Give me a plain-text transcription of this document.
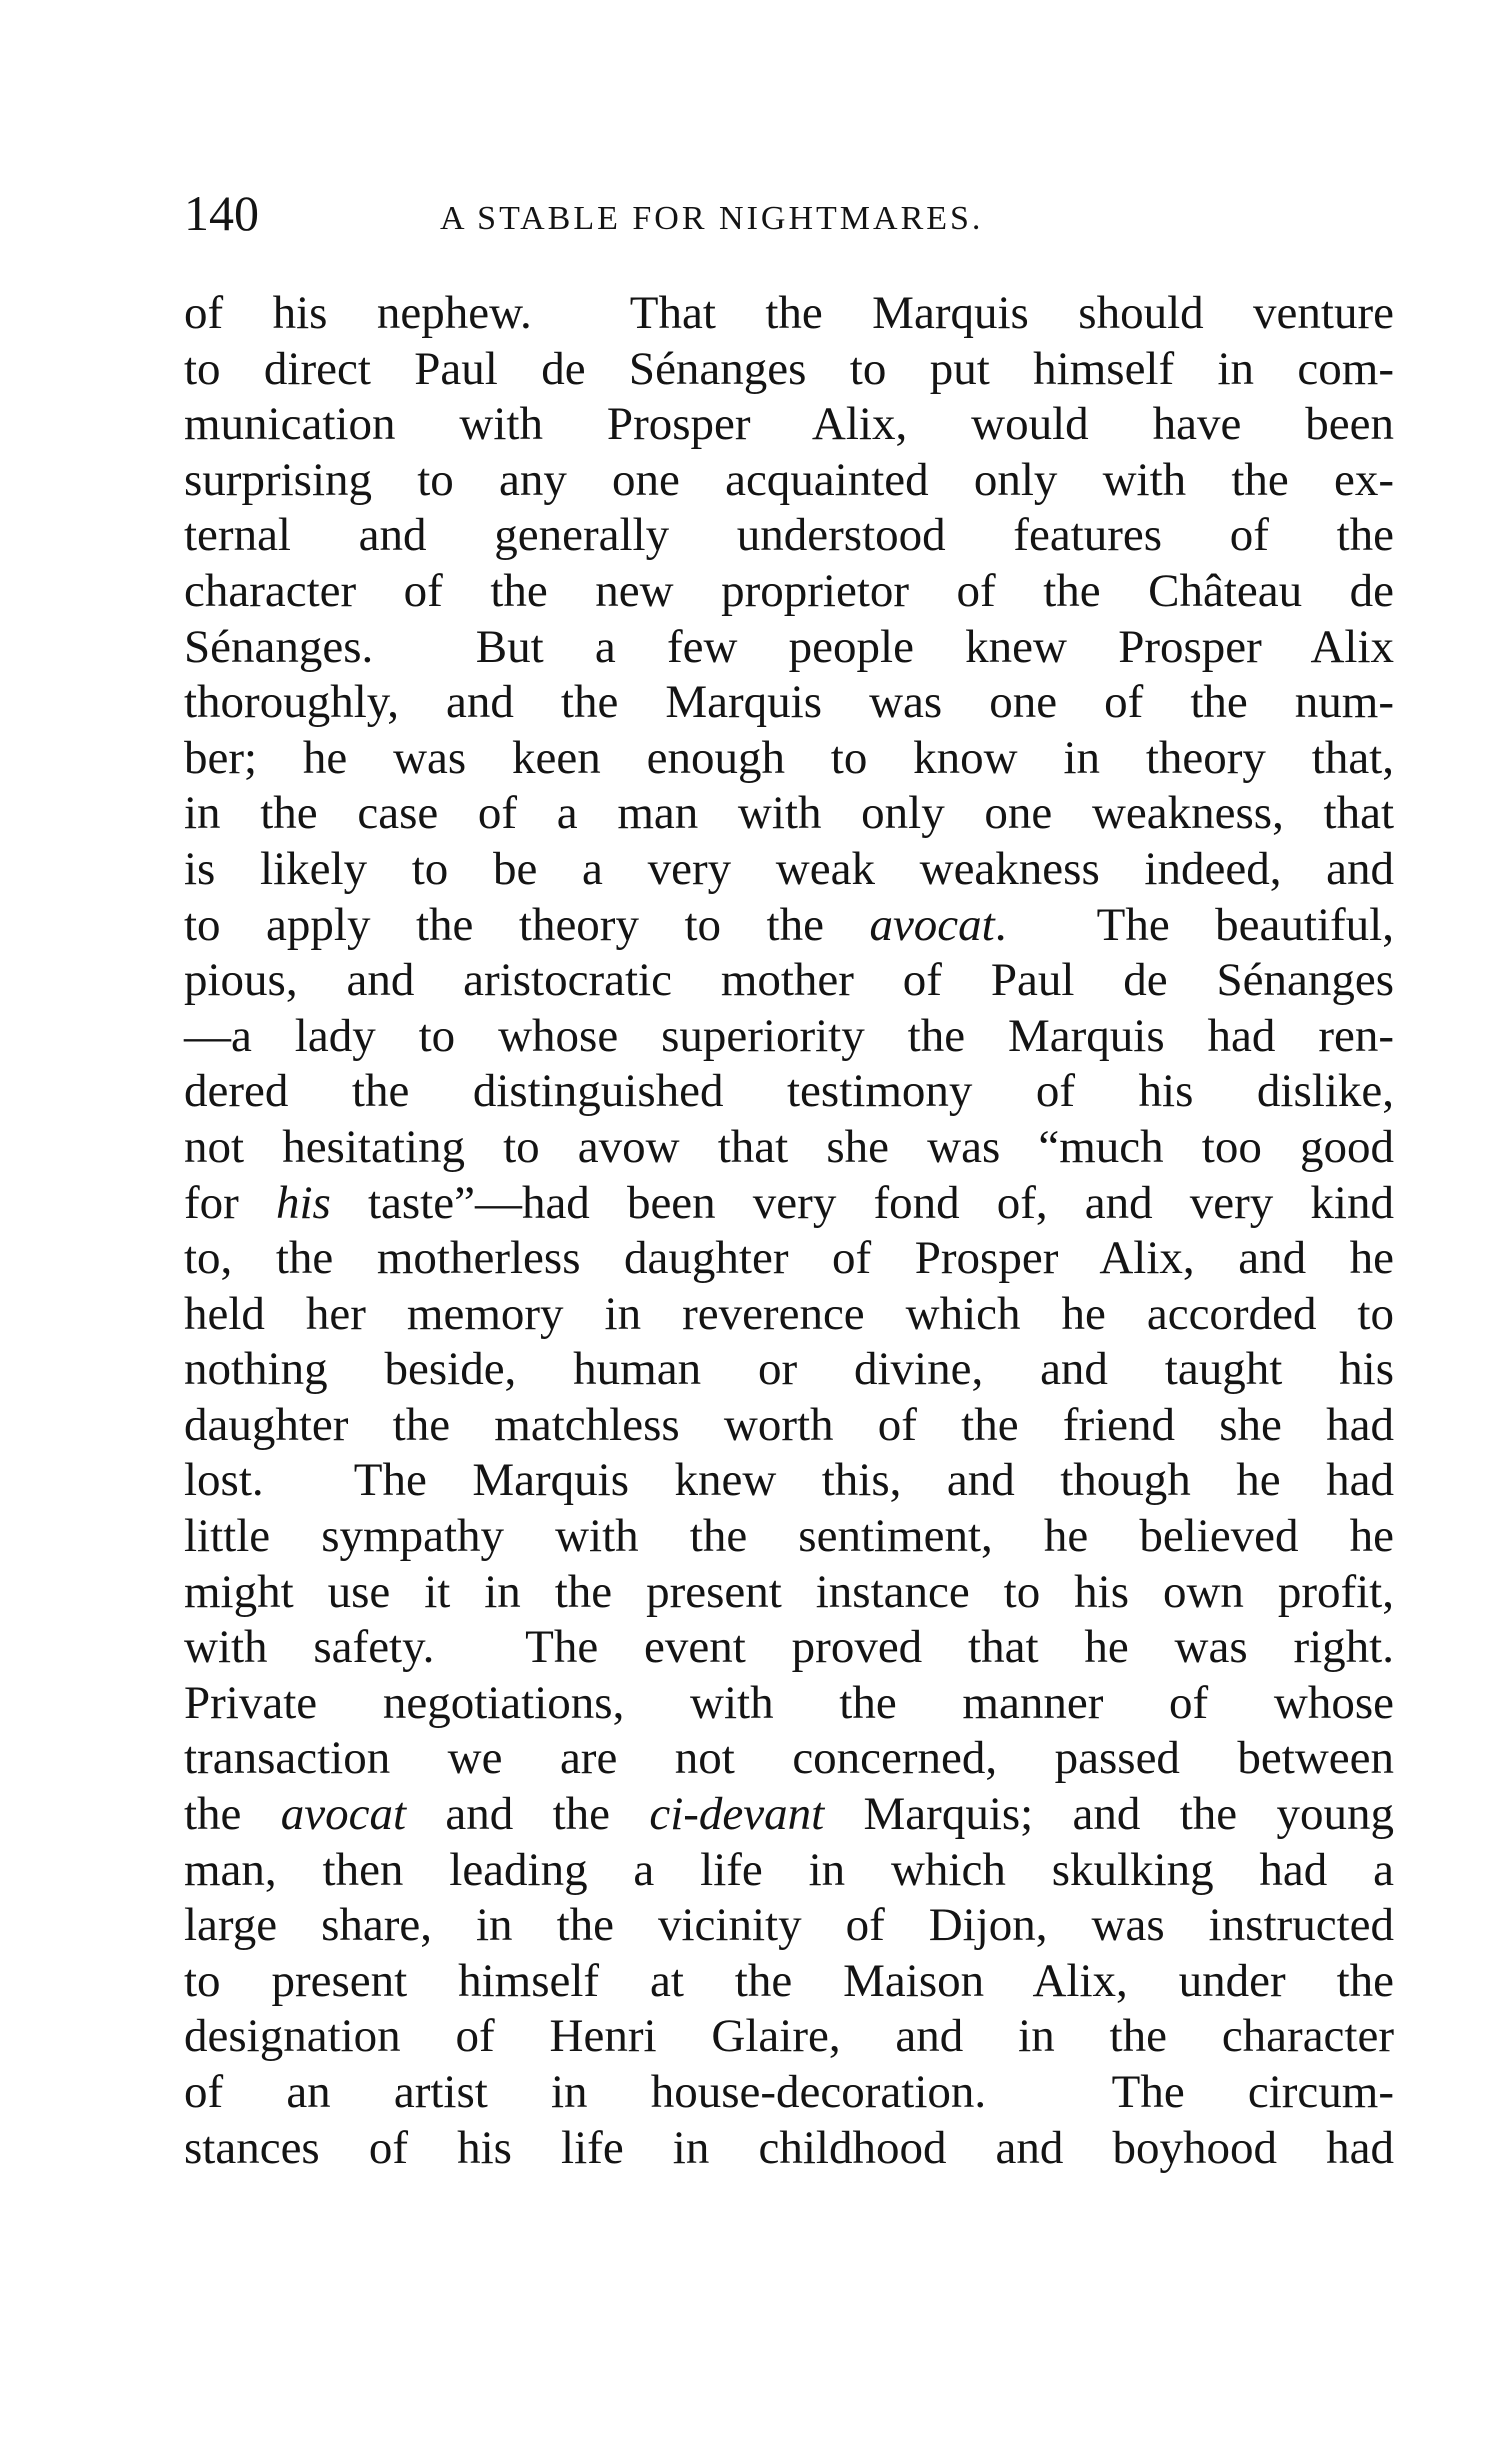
140	A STABLE FOR NIGHTMARES.
of his nephew.  That the Marquis should venture
to direct Paul de Sénanges to put himself in com-
munication with Prosper Alix, would have been
surprising to any one acquainted only with the ex-
ternal and generally understood features of the
character of the new proprietor of the Château de
Sénanges.  But a few people knew Prosper Alix
thoroughly, and the Marquis was one of the num-
ber; he was keen enough to know in theory that,
in the case of a man with only one weakness, that
is likely to be a very weak weakness indeed, and
to apply the theory to the avocat.  The beautiful,
pious, and aristocratic mother of Paul de Sénanges
—a lady to whose superiority the Marquis had ren-
dered the distinguished testimony of his dislike,
not hesitating to avow that she was “much too good
for his taste”—had been very fond of, and very kind
to, the motherless daughter of Prosper Alix, and he
held her memory in reverence which he accorded to
nothing beside, human or divine, and taught his
daughter the matchless worth of the friend she had
lost.  The Marquis knew this, and though he had
little sympathy with the sentiment, he believed he
might use it in the present instance to his own profit,
with safety.  The event proved that he was right.
Private negotiations, with the manner of whose
transaction we are not concerned, passed between
the avocat and the ci-devant Marquis; and the young
man, then leading a life in which skulking had a
large share, in the vicinity of Dijon, was instructed
to present himself at the Maison Alix, under the
designation of Henri Glaire, and in the character
of an artist in house-decoration.  The circum-
stances of his life in childhood and boyhood had
